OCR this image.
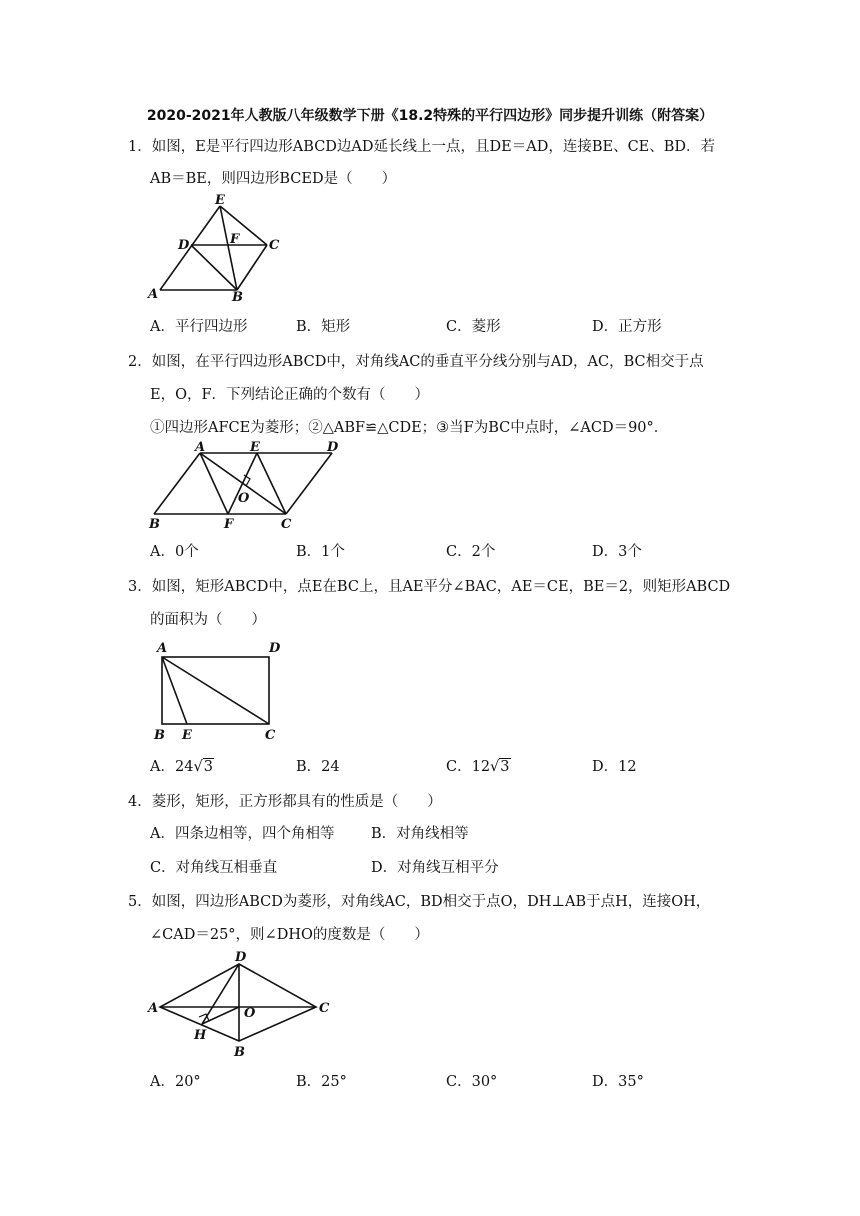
2020-2021年人教版八年级数学下册《18.2特殊的平行四边形》同步提升训练（附答案）
1．如图，E是平行四边形ABCD边AD延长线上一点，且DE＝AD，连接BE、CE、BD．若
AB＝BE，则四边形BCED是（　　）
E
F
D	C
A	B
A．平行四边形	B．矩形	C．菱形	D．正方形
2．如图，在平行四边形ABCD中，对角线AC的垂直平分线分别与AD，AC，BC相交于点
E，O，F．下列结论正确的个数有（　　）
①四边形AFCE为菱形；②△ABF≌△CDE；③当F为BC中点时，∠ACD＝90°．
A	E	D
O
B	F	C
A．0个	B．1个	C．2个	D．3个
3．如图，矩形ABCD中，点E在BC上，且AE平分∠BAC，AE＝CE，BE＝2，则矩形ABCD
的面积为（　　）
A	D
B E	C
A．24√3	B．24	C．12√3	D．12
4．菱形，矩形，正方形都具有的性质是（　　）
A．四条边相等，四个角相等	B．对角线相等
C．对角线互相垂直	D．对角线互相平分
5．如图，四边形ABCD为菱形，对角线AC，BD相交于点O，DH⊥AB于点H，连接OH，
∠CAD＝25°，则∠DHO的度数是（　　）
D
A	O	C
H
B
A．20°	B．25°	C．30°	D．35°
